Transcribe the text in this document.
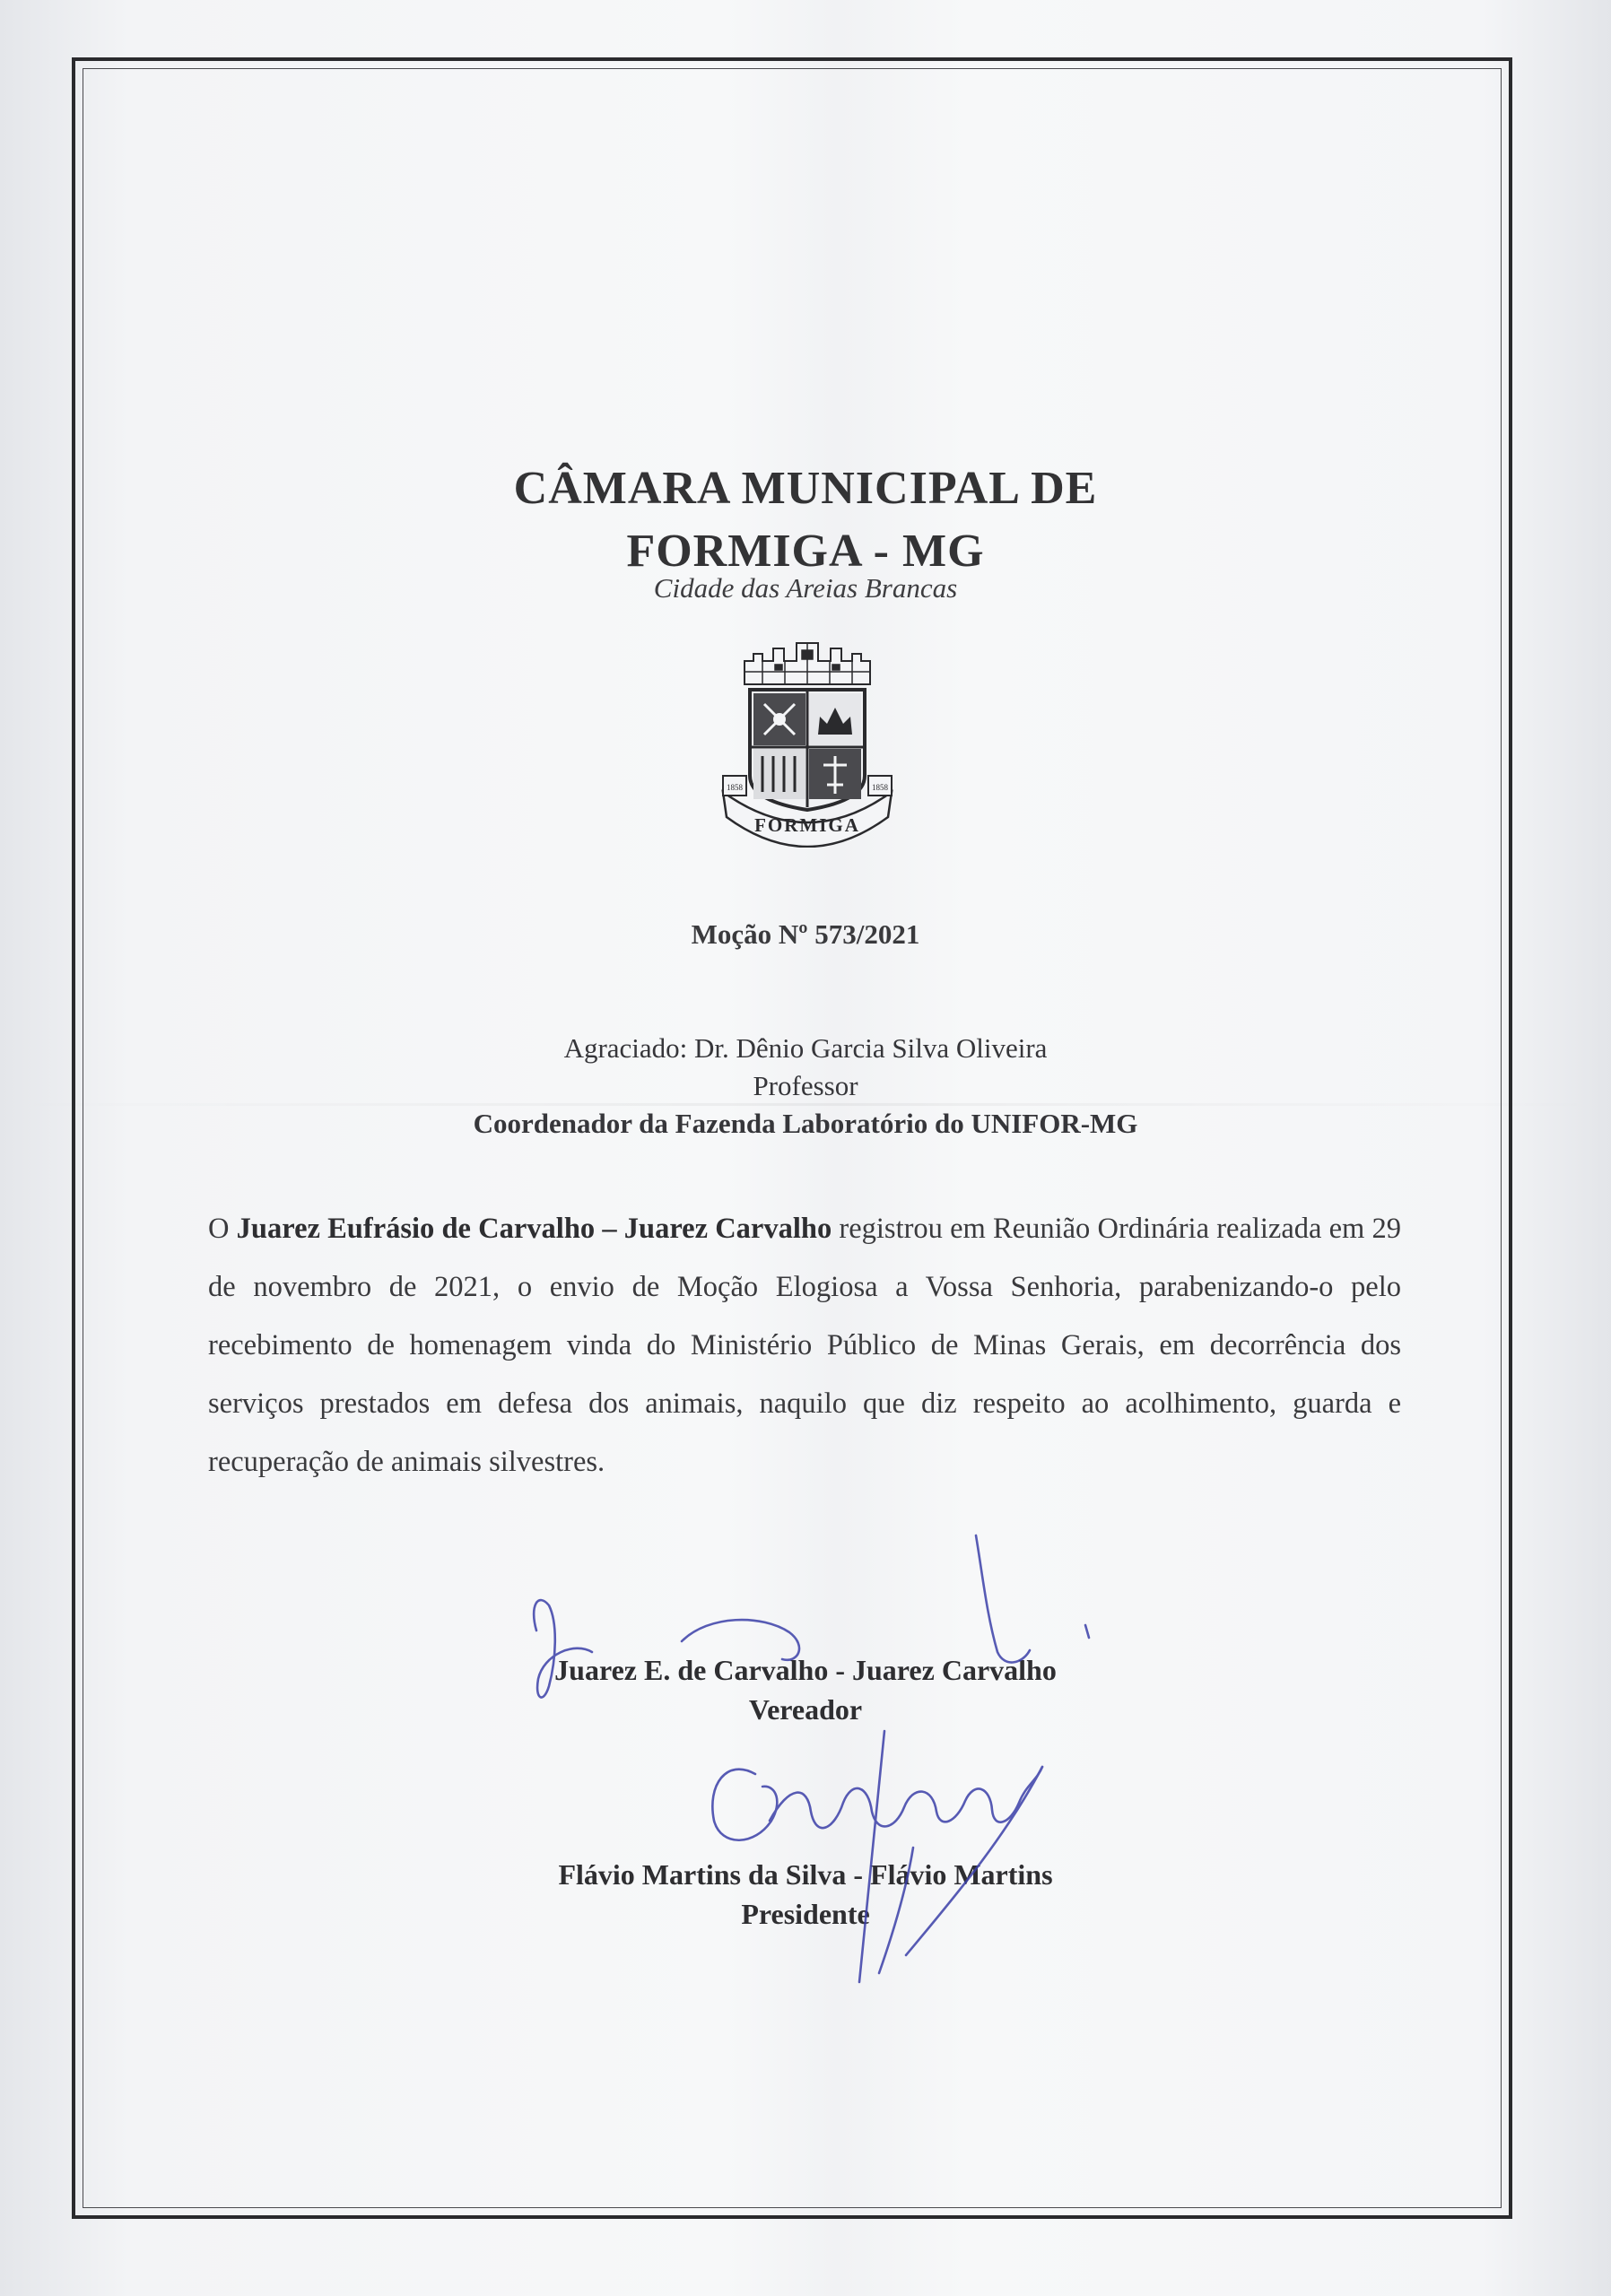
CÂMARA MUNICIPAL DE
FORMIGA - MG
Cidade das Areias Brancas
1858	1858
FORMIGA
Moção Nº 573/2021
Agraciado: Dr. Dênio Garcia Silva Oliveira
Professor
Coordenador da Fazenda Laboratório do UNIFOR-MG
O Juarez Eufrásio de Carvalho – Juarez Carvalho registrou em Reunião Ordinária realizada em 29 de novembro de 2021, o envio de Moção Elogiosa a Vossa Senhoria, parabenizando-o pelo recebimento de homenagem vinda do Ministério Público de Minas Gerais, em decorrência dos serviços prestados em defesa dos animais, naquilo que diz respeito ao acolhimento, guarda e recuperação de animais silvestres.
Juarez E. de Carvalho - Juarez Carvalho
Vereador
Flávio Martins da Silva - Flávio Martins
Presidente
